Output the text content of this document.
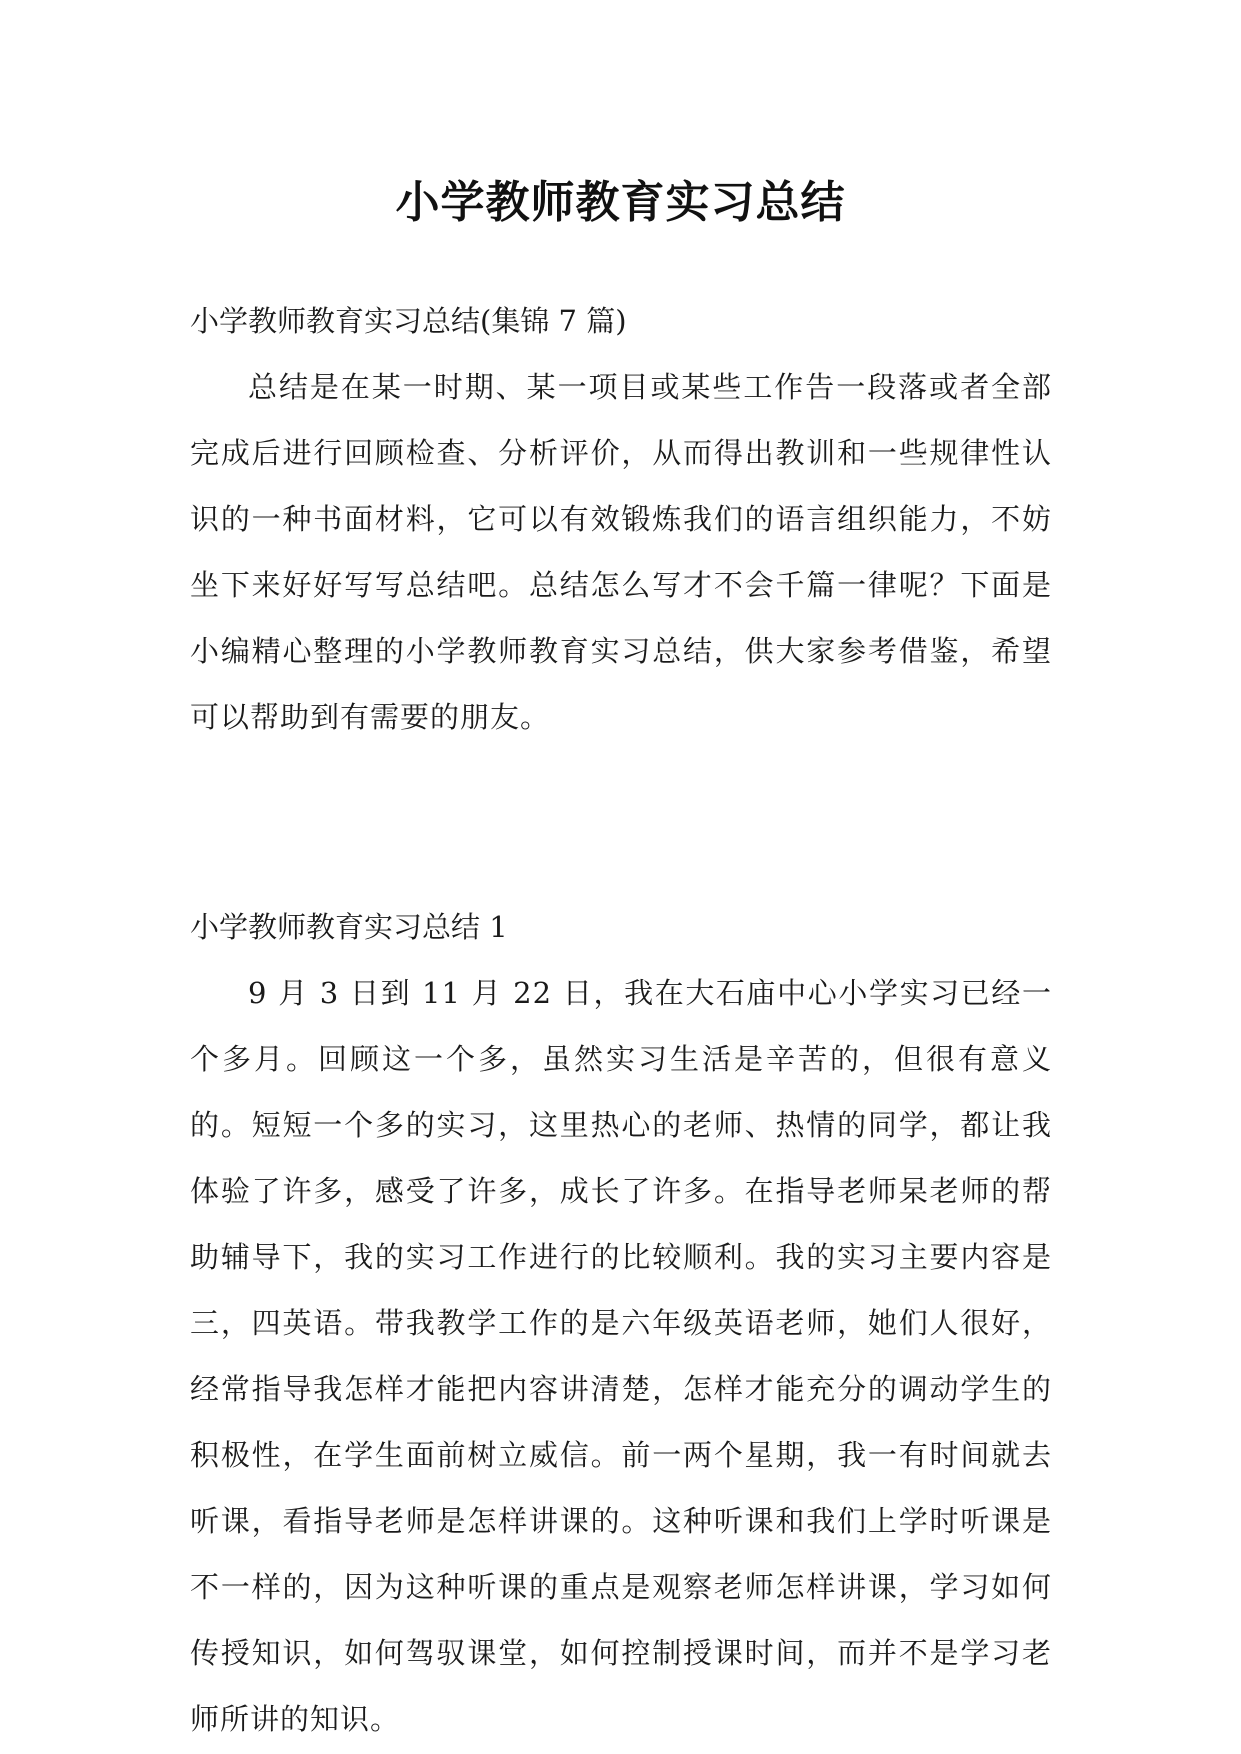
小学教师教育实习总结

小学教师教育实习总结(集锦 7 篇)

总结是在某一时期、某一项目或某些工作告一段落或者全部完成后进行回顾检查、分析评价，从而得出教训和一些规律性认识的一种书面材料，它可以有效锻炼我们的语言组织能力，不妨坐下来好好写写总结吧。总结怎么写才不会千篇一律呢？下面是小编精心整理的小学教师教育实习总结，供大家参考借鉴，希望可以帮助到有需要的朋友。

小学教师教育实习总结 1

9 月 3 日到 11 月 22 日，我在大石庙中心小学实习已经一个多月。回顾这一个多，虽然实习生活是辛苦的，但很有意义的。短短一个多的实习，这里热心的老师、热情的同学，都让我体验了许多，感受了许多，成长了许多。在指导老师杲老师的帮助辅导下，我的实习工作进行的比较顺利。我的实习主要内容是三，四英语。带我教学工作的是六年级英语老师，她们人很好，经常指导我怎样才能把内容讲清楚，怎样才能充分的调动学生的积极性，在学生面前树立威信。前一两个星期，我一有时间就去听课，看指导老师是怎样讲课的。这种听课和我们上学时听课是不一样的，因为这种听课的重点是观察老师怎样讲课，学习如何传授知识，如何驾驭课堂，如何控制授课时间，而并不是学习老师所讲的知识。
